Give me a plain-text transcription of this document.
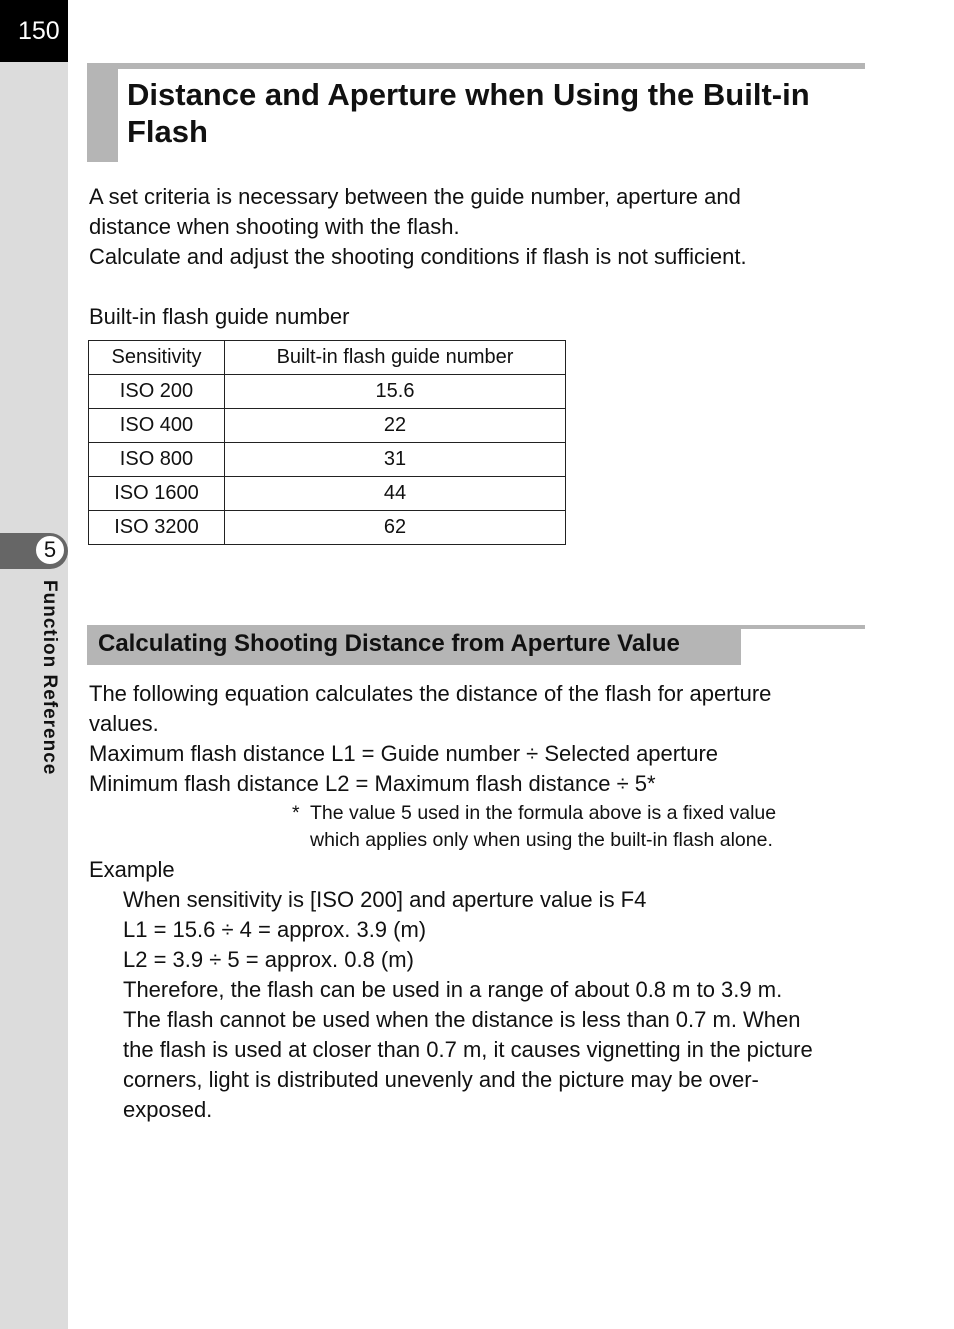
150
5
Function Reference
Distance and Aperture when Using the Built-in Flash
A set criteria is necessary between the guide number, aperture and
distance when shooting with the flash.
Calculate and adjust the shooting conditions if flash is not sufficient.
Built-in flash guide number
Sensitivity	Built-in flash guide number
ISO 200	15.6
ISO 400	22
ISO 800	31
ISO 1600	44
ISO 3200	62
Calculating Shooting Distance from Aperture Value
The following equation calculates the distance of the flash for aperture
values.
Maximum flash distance L1 = Guide number ÷ Selected aperture
Minimum flash distance L2 = Maximum flash distance ÷ 5*
* The value 5 used in the formula above is a fixed value
which applies only when using the built-in flash alone.
Example
When sensitivity is [ISO 200] and aperture value is F4
L1 = 15.6 ÷ 4 = approx. 3.9 (m)
L2 = 3.9 ÷ 5 = approx. 0.8 (m)
Therefore, the flash can be used in a range of about 0.8 m to 3.9 m.
The flash cannot be used when the distance is less than 0.7 m. When
the flash is used at closer than 0.7 m, it causes vignetting in the picture
corners, light is distributed unevenly and the picture may be over-
exposed.
